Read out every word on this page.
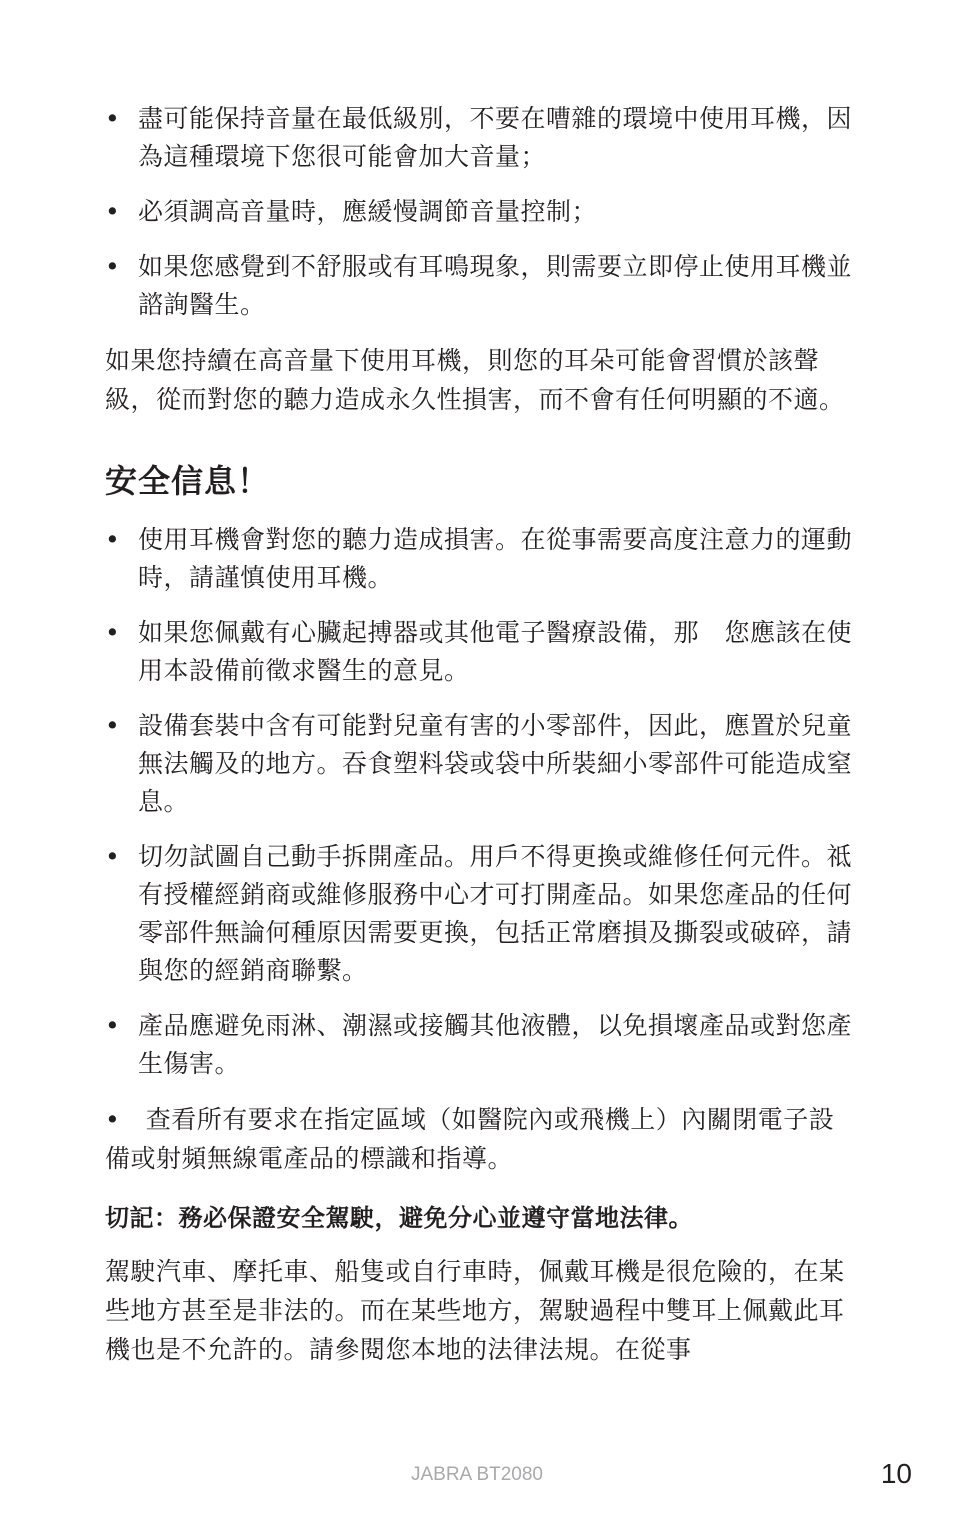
• 盡可能保持音量在最低級別，不要在嘈雜的環境中使用耳機，因為這種環境下您很可能會加大音量；
• 必須調高音量時，應緩慢調節音量控制；
• 如果您感覺到不舒服或有耳鳴現象，則需要立即停止使用耳機並諮詢醫生。

如果您持續在高音量下使用耳機，則您的耳朵可能會習慣於該聲級，從而對您的聽力造成永久性損害，而不會有任何明顯的不適。

安全信息！
• 使用耳機會對您的聽力造成損害。在從事需要高度注意力的運動時，請謹慎使用耳機。
• 如果您佩戴有心臟起搏器或其他電子醫療設備，那　您應該在使用本設備前徵求醫生的意見。
• 設備套裝中含有可能對兒童有害的小零部件，因此，應置於兒童無法觸及的地方。吞食塑料袋或袋中所裝細小零部件可能造成窒息。
• 切勿試圖自己動手拆開產品。用戶不得更換或維修任何元件。祗有授權經銷商或維修服務中心才可打開產品。如果您產品的任何零部件無論何種原因需要更換，包括正常磨損及撕裂或破碎，請與您的經銷商聯繫。
• 產品應避免雨淋、潮濕或接觸其他液體，以免損壞產品或對您產生傷害。

•　查看所有要求在指定區域（如醫院內或飛機上）內關閉電子設備或射頻無線電產品的標識和指導。

切記：務必保證安全駕駛，避免分心並遵守當地法律。

駕駛汽車、摩托車、船隻或自行車時，佩戴耳機是很危險的，在某些地方甚至是非法的。而在某些地方，駕駛過程中雙耳上佩戴此耳機也是不允許的。請參閱您本地的法律法規。在從事

JABRA BT2080	10
